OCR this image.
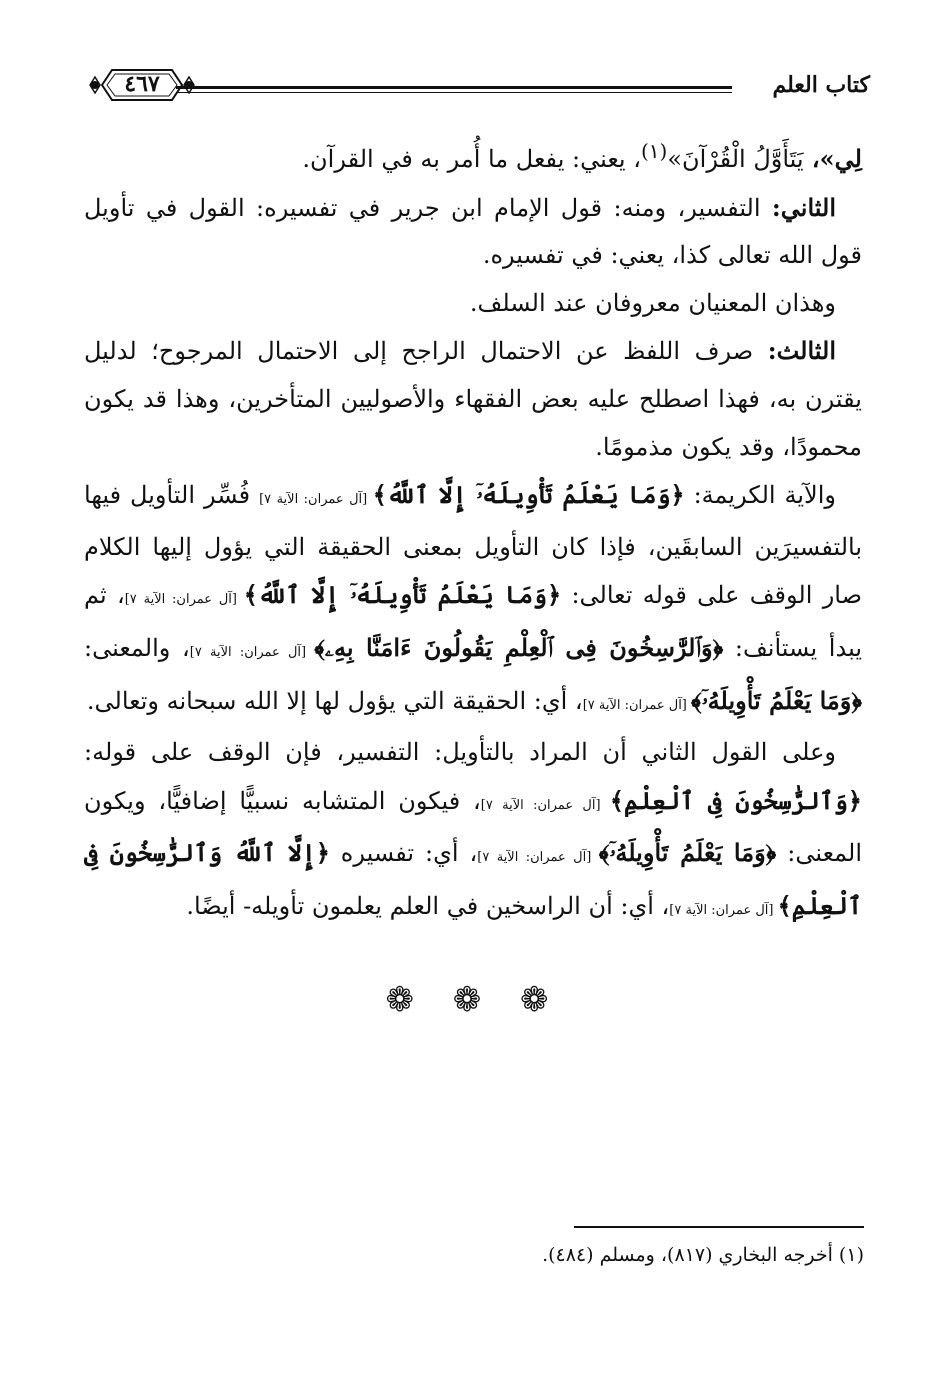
كتاب العلم
٤٦٧

لِي»، يَتَأَوَّلُ الْقُرْآنَ»$^{(١)}$، يعني: يفعل ما أُمر به في القرآن.

الثاني: التفسير، ومنه: قول الإمام ابن جرير في تفسيره: القول في تأويل قول الله تعالى كذا، يعني: في تفسيره.

وهذان المعنيان معروفان عند السلف.

الثالث: صرف اللفظ عن الاحتمال الراجح إلى الاحتمال المرجوح؛ لدليل يقترن به، فهذا اصطلح عليه بعض الفقهاء والأصوليين المتأخرين، وهذا قد يكون محمودًا، وقد يكون مذمومًا.

والآية الكريمة: ﴿وَمَا يَعْلَمُ تَأْوِيلَهُۥٓ إِلَّا ٱللَّهُ﴾ [آل عمران: الآية ٧] فُسِّر التأويل فيها بالتفسيرَين السابقَين، فإذا كان التأويل بمعنى الحقيقة التي يؤول إليها الكلام صار الوقف على قوله تعالى: ﴿وَمَا يَعْلَمُ تَأْوِيلَهُۥٓ إِلَّا ٱللَّهُ﴾ [آل عمران: الآية ٧]، ثم يبدأ يستأنف: ﴿وَٱلرَّٰسِخُونَ فِى ٱلْعِلْمِ يَقُولُونَ ءَامَنَّا بِهِۦ﴾ [آل عمران: الآية ٧]، والمعنى: ﴿وَمَا يَعْلَمُ تَأْوِيلَهُۥٓ﴾ [آل عمران: الآية ٧]، أي: الحقيقة التي يؤول لها إلا الله سبحانه وتعالى.

وعلى القول الثاني أن المراد بالتأويل: التفسير، فإن الوقف على قوله: ﴿وَٱلرَّٰسِخُونَ فِى ٱلْعِلْمِ﴾ [آل عمران: الآية ٧]، فيكون المتشابه نسبيًّا إضافيًّا، ويكون المعنى: ﴿وَمَا يَعْلَمُ تَأْوِيلَهُۥٓ﴾ [آل عمران: الآية ٧]، أي: تفسيره ﴿إِلَّا ٱللَّهُ وَٱلرَّٰسِخُونَ فِى ٱلْعِلْمِ﴾ [آل عمران: الآية ٧]، أي: أن الراسخين في العلم يعلمون تأويله- أيضًا.

❁ ❁ ❁
(١) أخرجه البخاري (٨١٧)، ومسلم (٤٨٤).
